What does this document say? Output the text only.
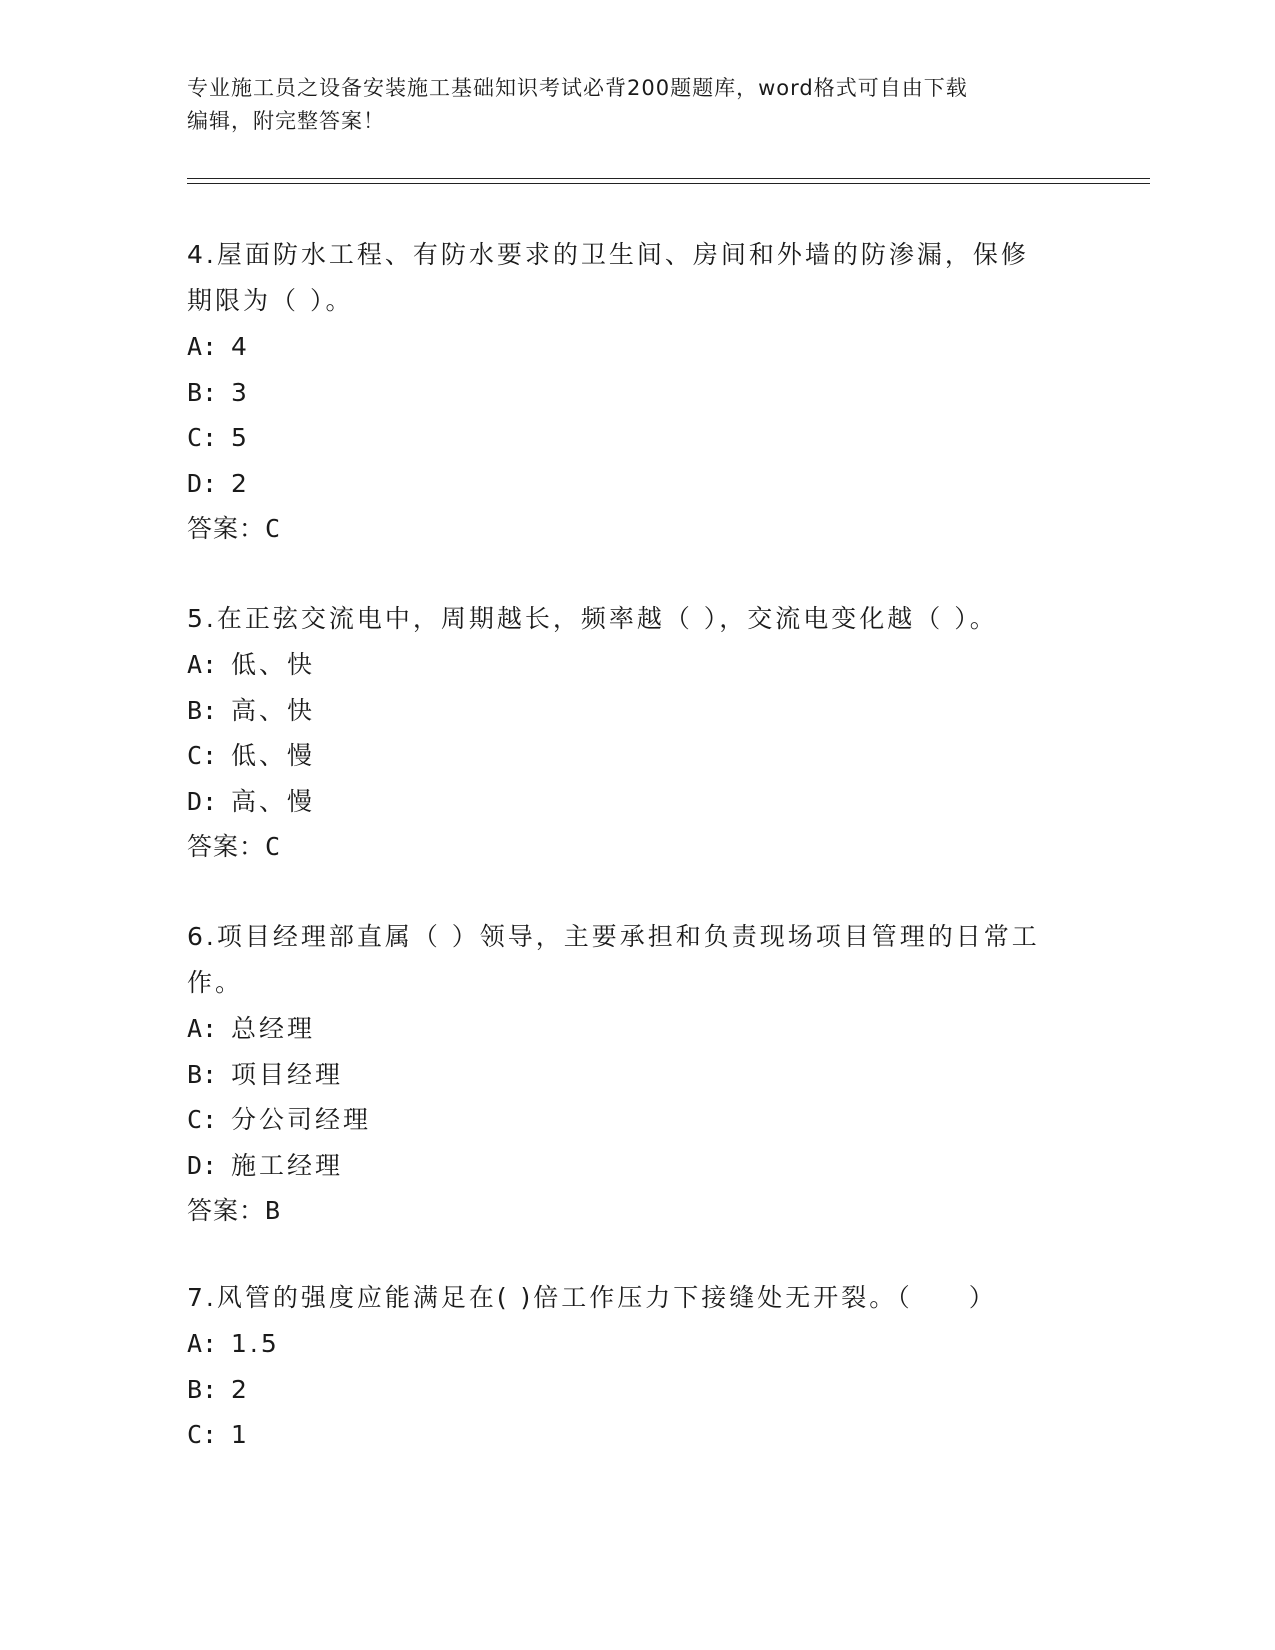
专业施工员之设备安装施工基础知识考试必背200题题库，word格式可自由下载
编辑，附完整答案！

4.屋面防水工程、有防水要求的卫生间、房间和外墙的防渗漏，保修

期限为（ ）。

A: 4

B: 3

C: 5

D: 2

答案：C

5.在正弦交流电中，周期越长，频率越（ ），交流电变化越（ ）。

A: 低、快

B: 高、快

C: 低、慢

D: 高、慢

答案：C

6.项目经理部直属（ ）领导，主要承担和负责现场项目管理的日常工

作。

A: 总经理

B: 项目经理

C: 分公司经理

D: 施工经理

答案：B

7.风管的强度应能满足在( )倍工作压力下接缝处无开裂。（　　）

A: 1.5

B: 2

C: 1
